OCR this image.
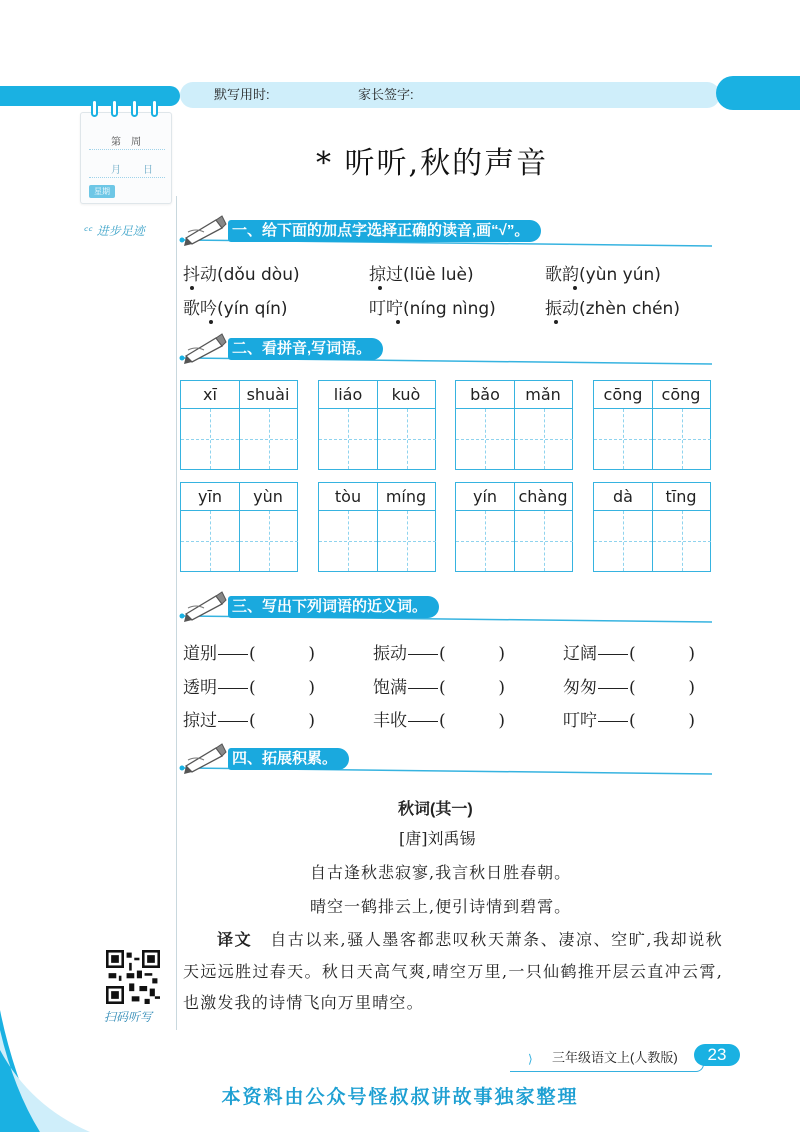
默写用时:	家长签字:
第　周
月 日
星期
ᶜᶜ 进步足迹
* 听听,秋的声音
一、给下面的加点字选择正确的读音,画“√”。
抖动(dǒu dòu)	掠过(lüè luè)	歌韵(yùn yún)
歌吟(yín qín)	叮咛(níng nìng)	振动(zhèn chén)
二、看拼音,写词语。
xī	shuài	liáo	kuò	bǎo	mǎn	cōng	cōng
yīn	yùn	tòu	míng	yín	chàng	dà	tīng
三、写出下列词语的近义词。
道别 ( )	振动 ( )	辽阔( )
透明 ( )	饱满 ( )	匆匆( )
掠过 ( )	丰收 ( )	叮咛( )
四、拓展积累。
秋词(其一)
[唐]刘禹锡
自古逢秋悲寂寥,我言秋日胜春朝。
晴空一鹤排云上,便引诗情到碧霄。
译文 自古以来,骚人墨客都悲叹秋天萧条、凄凉、空旷,我却说秋天远远胜过春天。秋日天高气爽,晴空万里,一只仙鹤推开层云直冲云霄,也激发我的诗情飞向万里晴空。
扫码听写
⟩ 三年级语文上(人教版)	23
本资料由公众号怪叔叔讲故事独家整理
